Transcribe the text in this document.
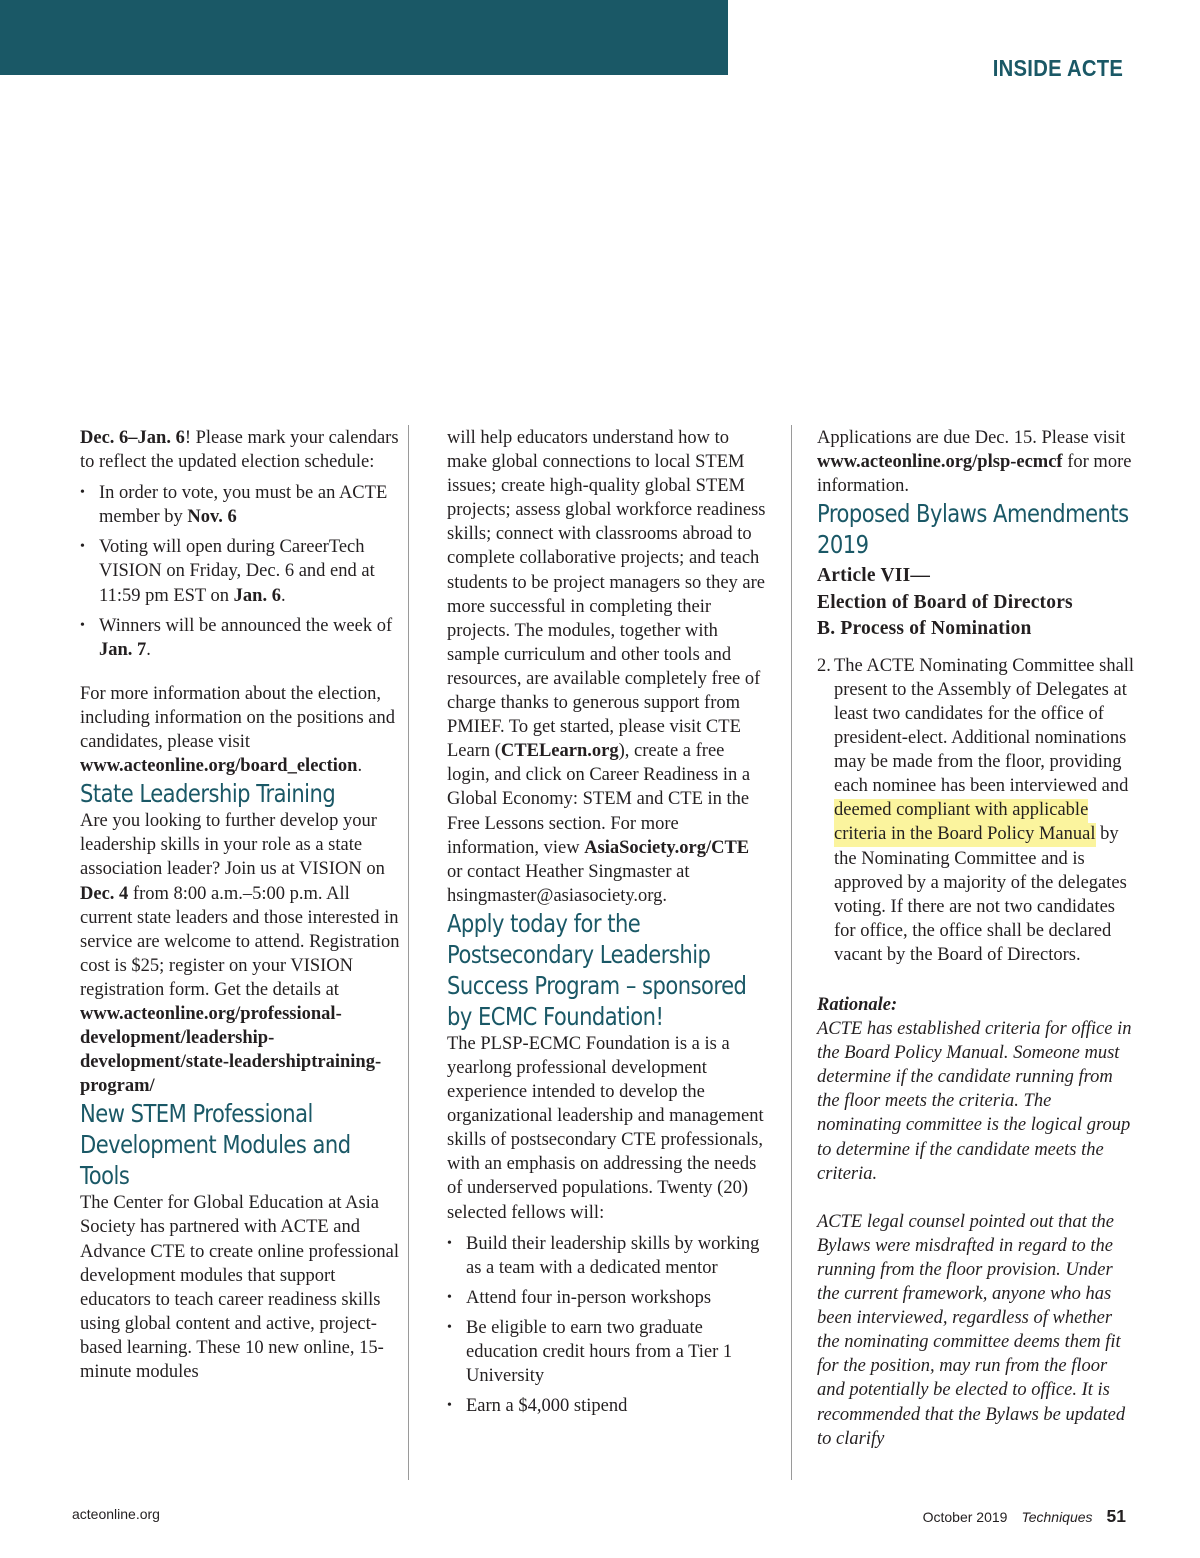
INSIDE ACTE

Dec. 6–Jan. 6! Please mark your calendars to reflect the updated election schedule:

• In order to vote, you must be an ACTE member by Nov. 6
• Voting will open during CareerTech VISION on Friday, Dec. 6 and end at 11:59 pm EST on Jan. 6.
• Winners will be announced the week of Jan. 7.

For more information about the election, including information on the positions and candidates, please visit www.acteonline.org/board_election.

State Leadership Training

Are you looking to further develop your leadership skills in your role as a state association leader? Join us at VISION on Dec. 4 from 8:00 a.m.–5:00 p.m. All current state leaders and those interested in service are welcome to attend. Registration cost is $25; register on your VISION registration form. Get the details at www.acteonline.org/professional-development/leadership-development/state-leadershiptraining-program/

New STEM Professional Development Modules and Tools

The Center for Global Education at Asia Society has partnered with ACTE and Advance CTE to create online professional development modules that support educators to teach career readiness skills using global content and active, project-based learning. These 10 new online, 15-minute modules

will help educators understand how to make global connections to local STEM issues; create high-quality global STEM projects; assess global workforce readiness skills; connect with classrooms abroad to complete collaborative projects; and teach students to be project managers so they are more successful in completing their projects. The modules, together with sample curriculum and other tools and resources, are available completely free of charge thanks to generous support from PMIEF. To get started, please visit CTE Learn (CTELearn.org), create a free login, and click on Career Readiness in a Global Economy: STEM and CTE in the Free Lessons section. For more information, view AsiaSociety.org/CTE or contact Heather Singmaster at hsingmaster@asiasociety.org.

Apply today for the Postsecondary Leadership Success Program – sponsored by ECMC Foundation!

The PLSP-ECMC Foundation is a is a yearlong professional development experience intended to develop the organizational leadership and management skills of postsecondary CTE professionals, with an emphasis on addressing the needs of underserved populations. Twenty (20) selected fellows will:

• Build their leadership skills by working as a team with a dedicated mentor
• Attend four in-person workshops
• Be eligible to earn two graduate education credit hours from a Tier 1 University
• Earn a $4,000 stipend

Applications are due Dec. 15. Please visit www.acteonline.org/plsp-ecmcf for more information.

Proposed Bylaws Amendments 2019
Article VII—
Election of Board of Directors
B. Process of Nomination
2. The ACTE Nominating Committee shall present to the Assembly of Delegates at least two candidates for the office of president-elect. Additional nominations may be made from the floor, providing each nominee has been interviewed and deemed compliant with applicable criteria in the Board Policy Manual by the Nominating Committee and is approved by a majority of the delegates voting. If there are not two candidates for office, the office shall be declared vacant by the Board of Directors.

Rationale:

ACTE has established criteria for office in the Board Policy Manual. Someone must determine if the candidate running from the floor meets the criteria. The nominating committee is the logical group to determine if the candidate meets the criteria.

ACTE legal counsel pointed out that the Bylaws were misdrafted in regard to the running from the floor provision. Under the current framework, anyone who has been interviewed, regardless of whether the nominating committee deems them fit for the position, may run from the floor and potentially be elected to office. It is recommended that the Bylaws be updated to clarify

acteonline.org	October 2019 Techniques 51
